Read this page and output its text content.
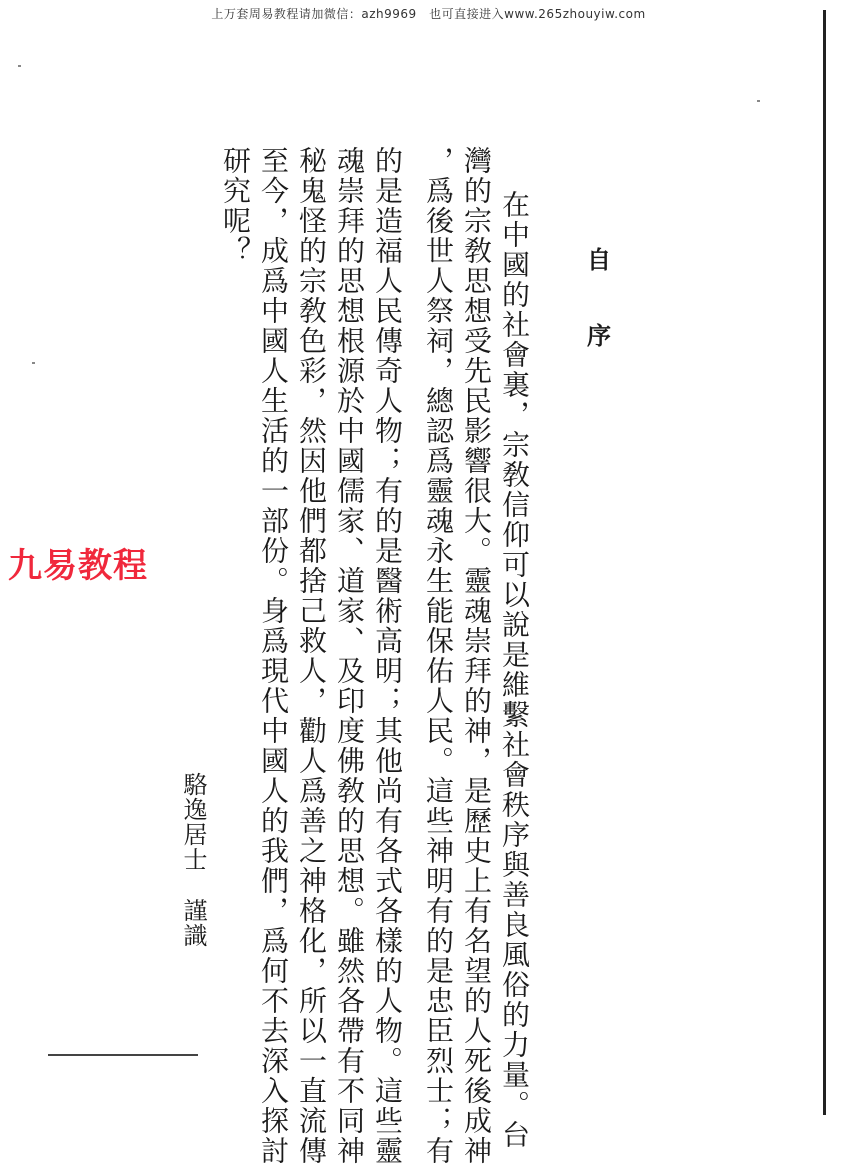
上万套周易教程请加微信：azh9969　也可直接进入www.265zhouyiw.com
九易教程
自
序
在中國的社會裏，宗敎信仰可以說是維繫社會秩序與善良風俗的力量。台
灣的宗敎思想受先民影響很大。靈魂崇拜的神，是歷史上有名望的人死後成神
，爲後世人祭祠，總認爲靈魂永生能保佑人民。這些神明有的是忠臣烈士；有
的是造福人民傳奇人物；有的是醫術高明；其他尚有各式各樣的人物。這些靈
魂崇拜的思想根源於中國儒家、道家、及印度佛敎的思想。雖然各帶有不同神
秘鬼怪的宗敎色彩，然因他們都捨己救人，勸人爲善之神格化，所以一直流傳
至今，成爲中國人生活的一部份。身爲現代中國人的我們，爲何不去深入探討
研究呢？
駱逸居士
謹識
